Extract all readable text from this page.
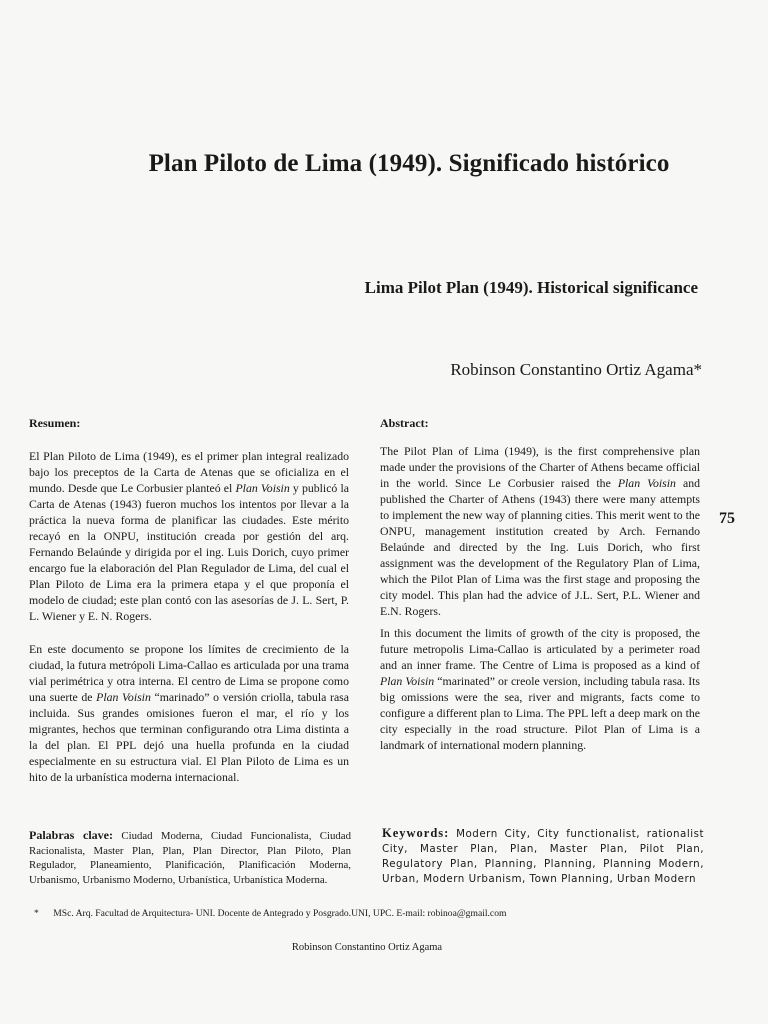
Plan Piloto de Lima (1949). Significado histórico
Lima Pilot Plan (1949). Historical significance
Robinson Constantino Ortiz Agama*
75
Resumen:	Abstract:

El Plan Piloto de Lima (1949), es el primer plan integral realizado bajo los preceptos de la Carta de Atenas que se oficializa en el mundo. Desde que Le Corbusier planteó el Plan Voisin y publicó la Carta de Atenas (1943) fueron muchos los intentos por llevar a la práctica la nueva forma de planificar las ciudades. Este mérito recayó en la ONPU, institución creada por gestión del arq. Fernando Belaúnde y dirigida por el ing. Luis Dorich, cuyo primer encargo fue la elaboración del Plan Regulador de Lima, del cual el Plan Piloto de Lima era la primera etapa y el que proponía el modelo de ciudad; este plan contó con las asesorías de J. L. Sert, P. L. Wiener y E. N. Rogers.

En este documento se propone los límites de crecimiento de la ciudad, la futura metrópoli Lima-Callao es articulada por una trama vial perimétrica y otra interna. El centro de Lima se propone como una suerte de Plan Voisin “marinado” o versión criolla, tabula rasa incluida. Sus grandes omisiones fueron el mar, el río y los migrantes, hechos que terminan configurando otra Lima distinta a la del plan. El PPL dejó una huella profunda en la ciudad especialmente en su estructura vial. El Plan Piloto de Lima es un hito de la urbanística moderna internacional.

The Pilot Plan of Lima (1949), is the first comprehensive plan made under the provisions of the Charter of Athens became official in the world. Since Le Corbusier raised the Plan Voisin and published the Charter of Athens (1943) there were many attempts to implement the new way of planning cities. This merit went to the ONPU, management institution created by Arch. Fernando Belaúnde and directed by the Ing. Luis Dorich, who first assignment was the development of the Regulatory Plan of Lima, which the Pilot Plan of Lima was the first stage and proposing the city model. This plan had the advice of J.L. Sert, P.L. Wiener and E.N. Rogers.

In this document the limits of growth of the city is proposed, the future metropolis Lima-Callao is articulated by a perimeter road and an inner frame. The Centre of Lima is proposed as a kind of Plan Voisin “marinated” or creole version, including tabula rasa. Its big omissions were the sea, river and migrants, facts come to configure a different plan to Lima. The PPL left a deep mark on the city especially in the road structure. Pilot Plan of Lima is a landmark of international modern planning.

Palabras clave: Ciudad Moderna, Ciudad Funcionalista, Ciudad Racionalista, Master Plan, Plan, Plan Director, Plan Piloto, Plan Regulador, Planeamiento, Planificación, Planificación Moderna, Urbanismo, Urbanismo Moderno, Urbanística, Urbanística Moderna.
Keywords: Modern City, City functionalist, rationalist City, Master Plan, Plan, Master Plan, Pilot Plan, Regulatory Plan, Planning, Planning, Planning Modern, Urban, Modern Urbanism, Town Planning, Urban Modern
* MSc. Arq. Facultad de Arquitectura- UNI. Docente de Antegrado y Posgrado.UNI, UPC. E-mail: robinoa@gmail.com
Robinson Constantino Ortiz Agama
